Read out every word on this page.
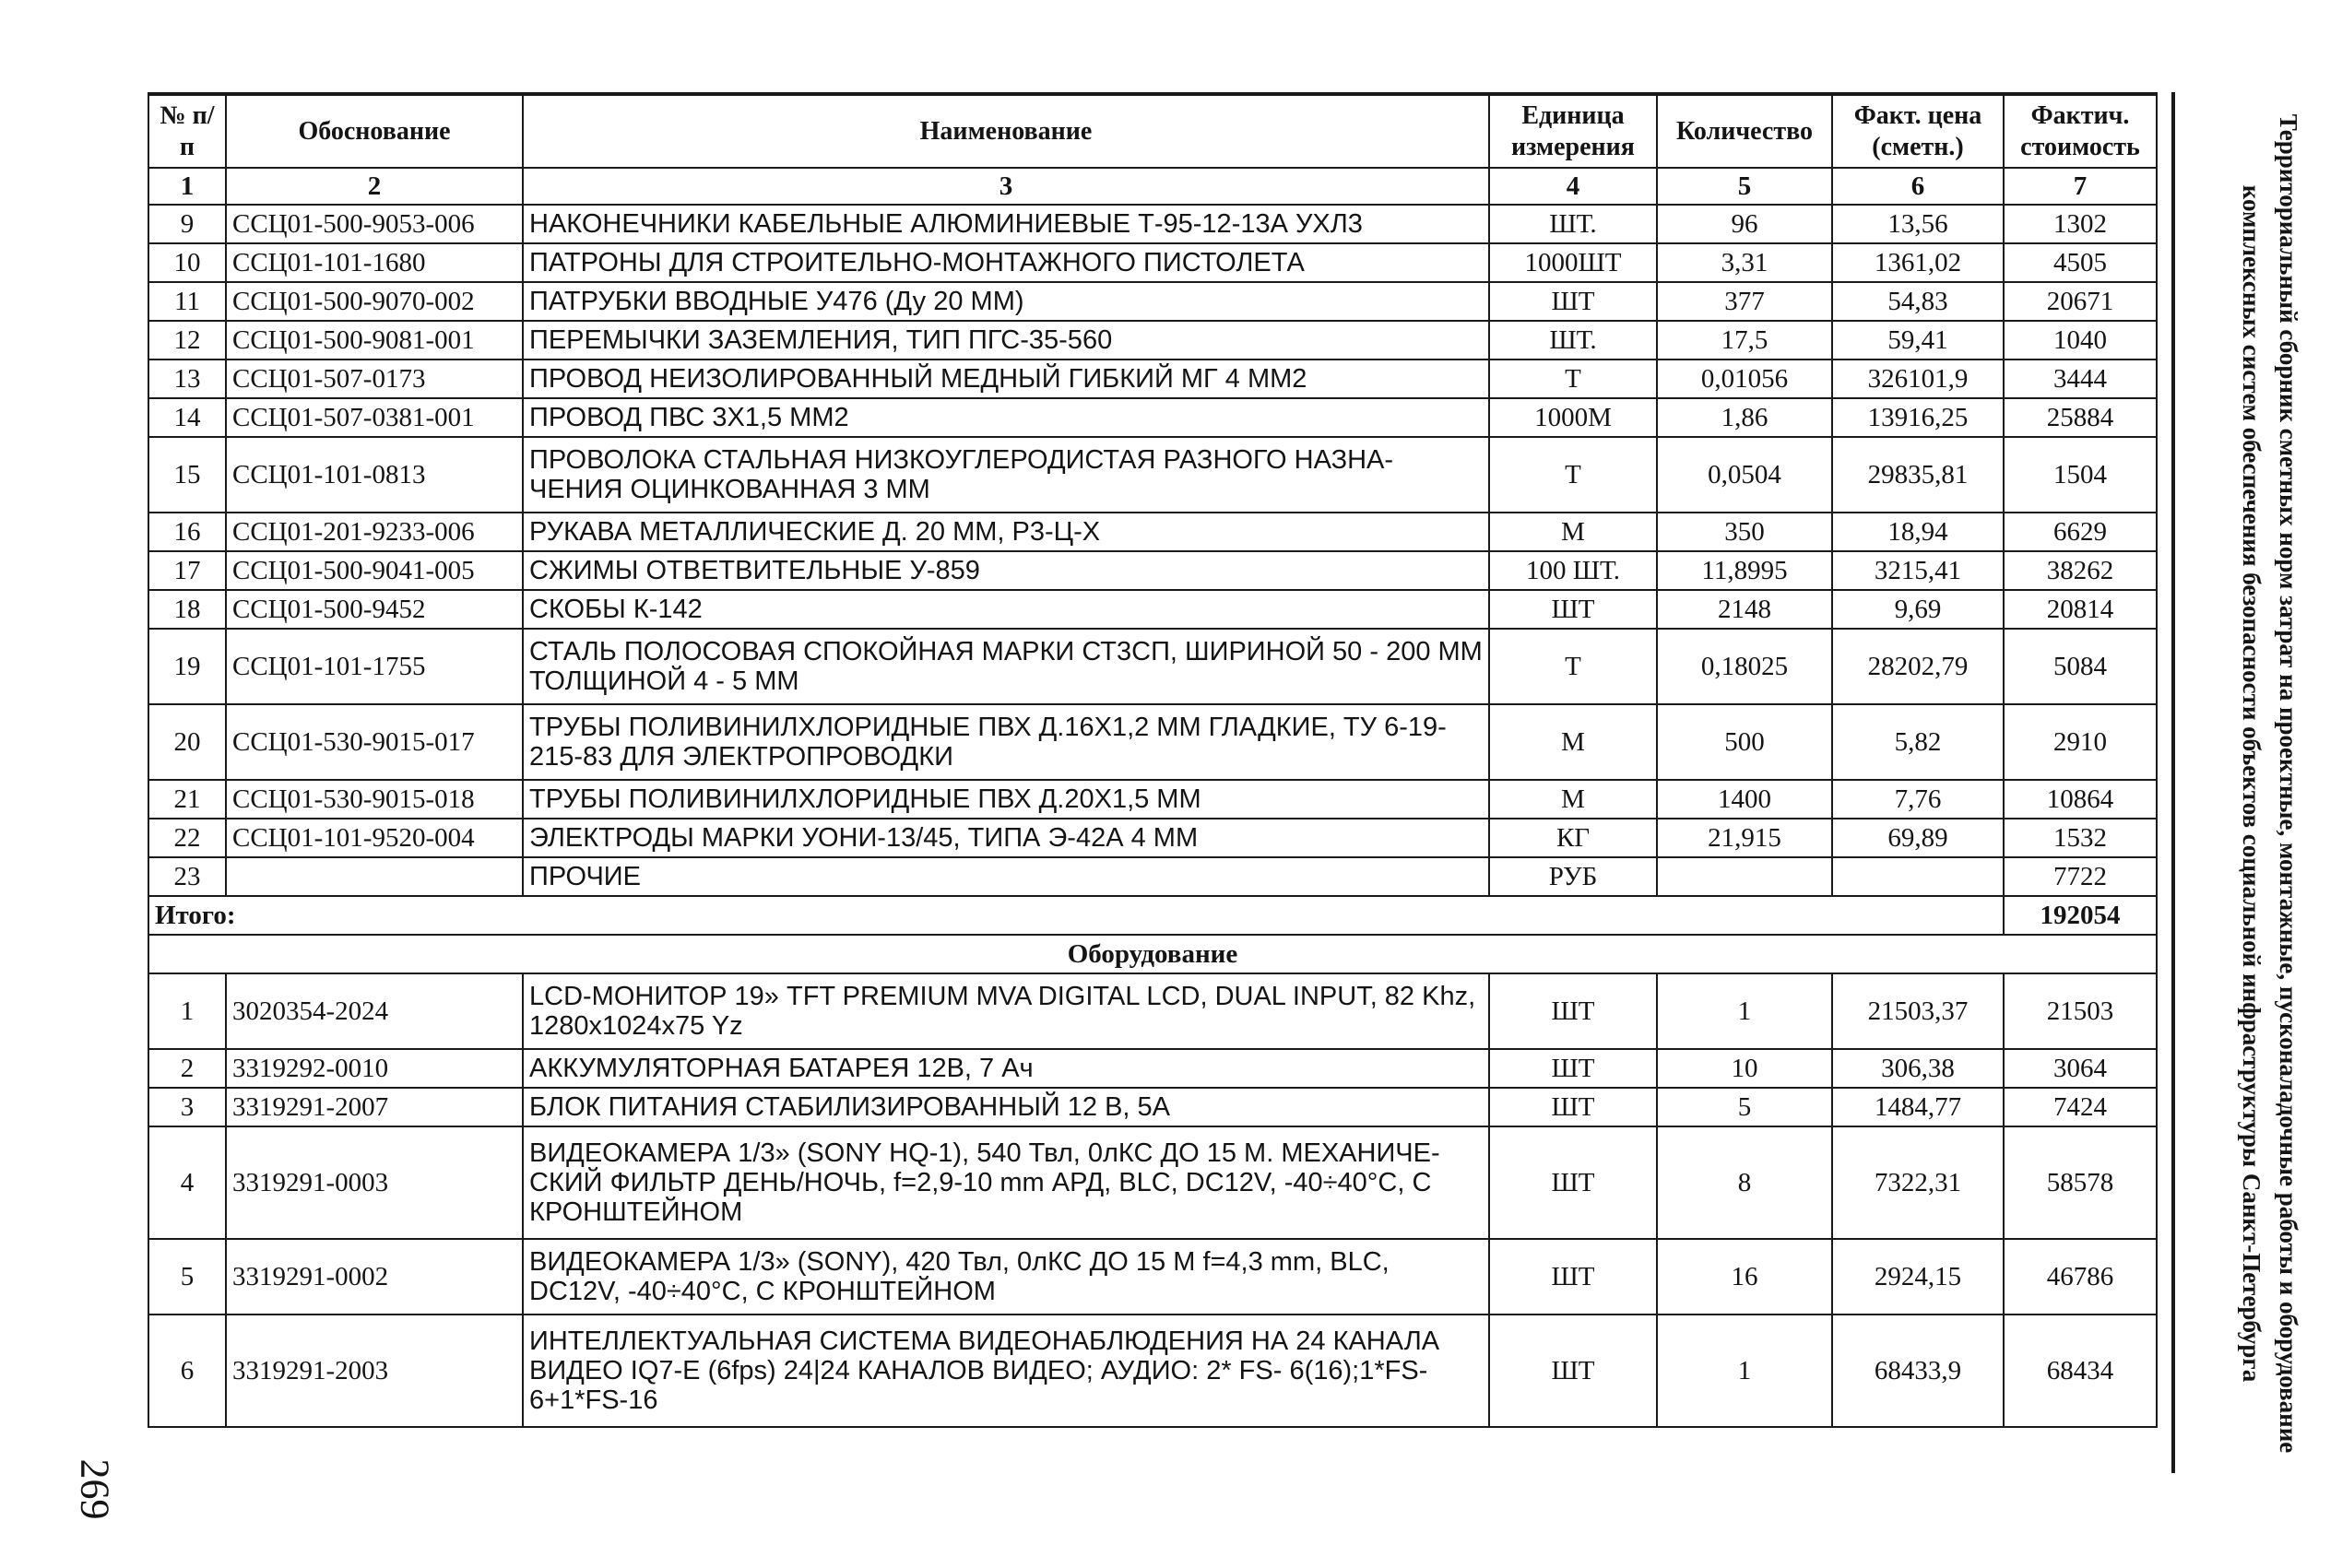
№ п/п	Обоснование	Наименование	Единица измерения	Количество	Факт. цена (сметн.)	Фактич. стоимость
1	2	3	4	5	6	7
9	ССЦ01-500-9053-006	НАКОНЕЧНИКИ КАБЕЛЬНЫЕ АЛЮМИНИЕВЫЕ Т-95-12-13А УХЛ3	ШТ.	96	13,56	1302
10	ССЦ01-101-1680	ПАТРОНЫ ДЛЯ СТРОИТЕЛЬНО-МОНТАЖНОГО ПИСТОЛЕТА	1000ШТ	3,31	1361,02	4505
11	ССЦ01-500-9070-002	ПАТРУБКИ ВВОДНЫЕ У476 (Ду 20 ММ)	ШТ	377	54,83	20671
12	ССЦ01-500-9081-001	ПЕРЕМЫЧКИ ЗАЗЕМЛЕНИЯ, ТИП ПГС-35-560	ШТ.	17,5	59,41	1040
13	ССЦ01-507-0173	ПРОВОД НЕИЗОЛИРОВАННЫЙ МЕДНЫЙ ГИБКИЙ МГ 4 ММ2	Т	0,01056	326101,9	3444
14	ССЦ01-507-0381-001	ПРОВОД ПВС 3Х1,5 ММ2	1000М	1,86	13916,25	25884
15	ССЦ01-101-0813	ПРОВОЛОКА СТАЛЬНАЯ НИЗКОУГЛЕРОДИСТАЯ РАЗНОГО НАЗНА- ЧЕНИЯ ОЦИНКОВАННАЯ 3 ММ	Т	0,0504	29835,81	1504
16	ССЦ01-201-9233-006	РУКАВА МЕТАЛЛИЧЕСКИЕ Д. 20 ММ, Р3-Ц-Х	М	350	18,94	6629
17	ССЦ01-500-9041-005	СЖИМЫ ОТВЕТВИТЕЛЬНЫЕ У-859	100 ШТ.	11,8995	3215,41	38262
18	ССЦ01-500-9452	СКОБЫ К-142	ШТ	2148	9,69	20814
19	ССЦ01-101-1755	СТАЛЬ ПОЛОСОВАЯ СПОКОЙНАЯ МАРКИ СТ3СП, ШИРИНОЙ 50 - 200 ММ ТОЛЩИНОЙ 4 - 5 ММ	Т	0,18025	28202,79	5084
20	ССЦ01-530-9015-017	ТРУБЫ ПОЛИВИНИЛХЛОРИДНЫЕ ПВХ Д.16Х1,2 ММ ГЛАДКИЕ, ТУ 6-19-215-83 ДЛЯ ЭЛЕКТРОПРОВОДКИ	М	500	5,82	2910
21	ССЦ01-530-9015-018	ТРУБЫ ПОЛИВИНИЛХЛОРИДНЫЕ ПВХ Д.20Х1,5 ММ	М	1400	7,76	10864
22	ССЦ01-101-9520-004	ЭЛЕКТРОДЫ МАРКИ УОНИ-13/45, ТИПА Э-42А 4 ММ	КГ	21,915	69,89	1532
23		ПРОЧИЕ	РУБ			7722
Итого:						192054
Оборудование						
1	3020354-2024	LCD-МОНИТОР 19» TFT PREMIUM MVA DIGITAL LCD, DUAL INPUT, 82 Khz, 1280x1024x75 Yz	ШТ	1	21503,37	21503
2	3319292-0010	АККУМУЛЯТОРНАЯ БАТАРЕЯ 12В, 7 Ач	ШТ	10	306,38	3064
3	3319291-2007	БЛОК ПИТАНИЯ СТАБИЛИЗИРОВАННЫЙ 12 В, 5А	ШТ	5	1484,77	7424
4	3319291-0003	ВИДЕОКАМЕРА 1/3» (SONY HQ-1), 540 Твл, 0лКС ДО 15 М. МЕХАНИЧЕ- СКИЙ ФИЛЬТР ДЕНЬ/НОЧЬ, f=2,9-10 mm АРД, BLC, DC12V, -40÷40°С, С КРОНШТЕЙНОМ	ШТ	8	7322,31	58578
5	3319291-0002	ВИДЕОКАМЕРА 1/3» (SONY), 420 Твл, 0лКС ДО 15 М f=4,3 mm, BLC, DC12V, -40÷40°С, С КРОНШТЕЙНОМ	ШТ	16	2924,15	46786
6	3319291-2003	ИНТЕЛЛЕКТУАЛЬНАЯ СИСТЕМА ВИДЕОНАБЛЮДЕНИЯ НА 24 КАНАЛА ВИДЕО IQ7-E (6fps) 24|24 КАНАЛОВ ВИДЕО; АУДИО: 2* FS- 6(16);1*FS-6+1*FS-16	ШТ	1	68433,9	68434	Территориальный сборник сметных норм затрат на проектные, монтажные, пусконаладочные работы и оборудование
комплексных систем обеспечения безопасности объектов социальной инфраструктуры Санкт-Петербурга
269
